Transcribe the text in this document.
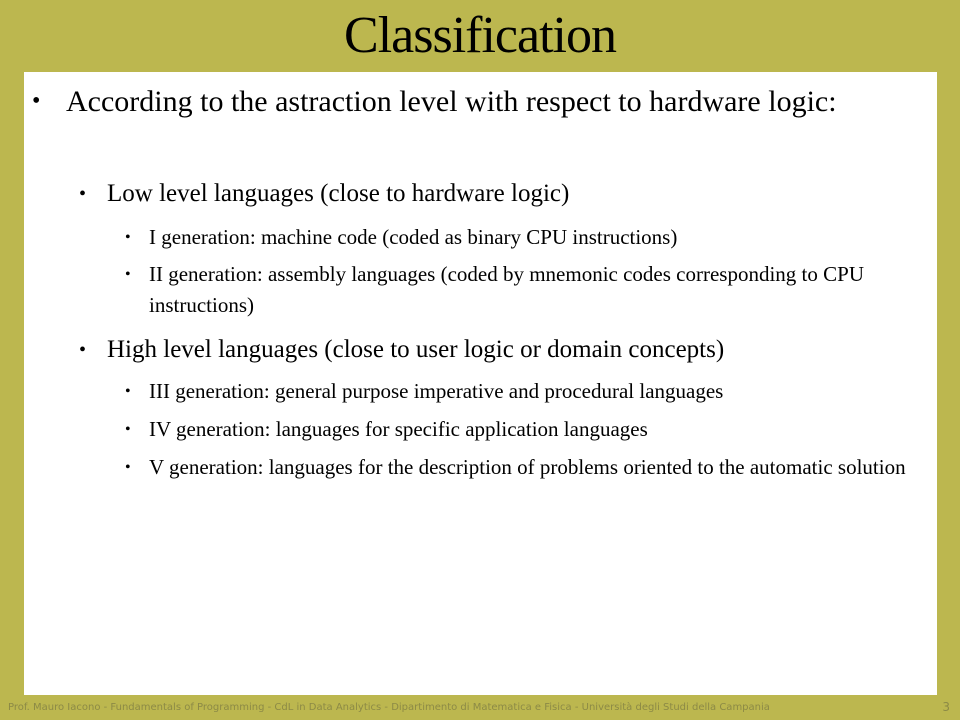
Classification
• According to the astraction level with respect to hardware logic:
• Low level languages (close to hardware logic)
• I generation: machine code (coded as binary CPU instructions)
• II generation: assembly languages (coded by mnemonic codes corresponding to CPU instructions)
• High level languages (close to user logic or domain concepts)
• III generation: general purpose imperative and procedural languages
• IV generation: languages for specific application languages
• V generation: languages for the description of problems oriented to the automatic solution
Prof. Mauro Iacono - Fundamentals of Programming - CdL in Data Analytics - Dipartimento di Matematica e Fisica - Università degli Studi della Campania	3
